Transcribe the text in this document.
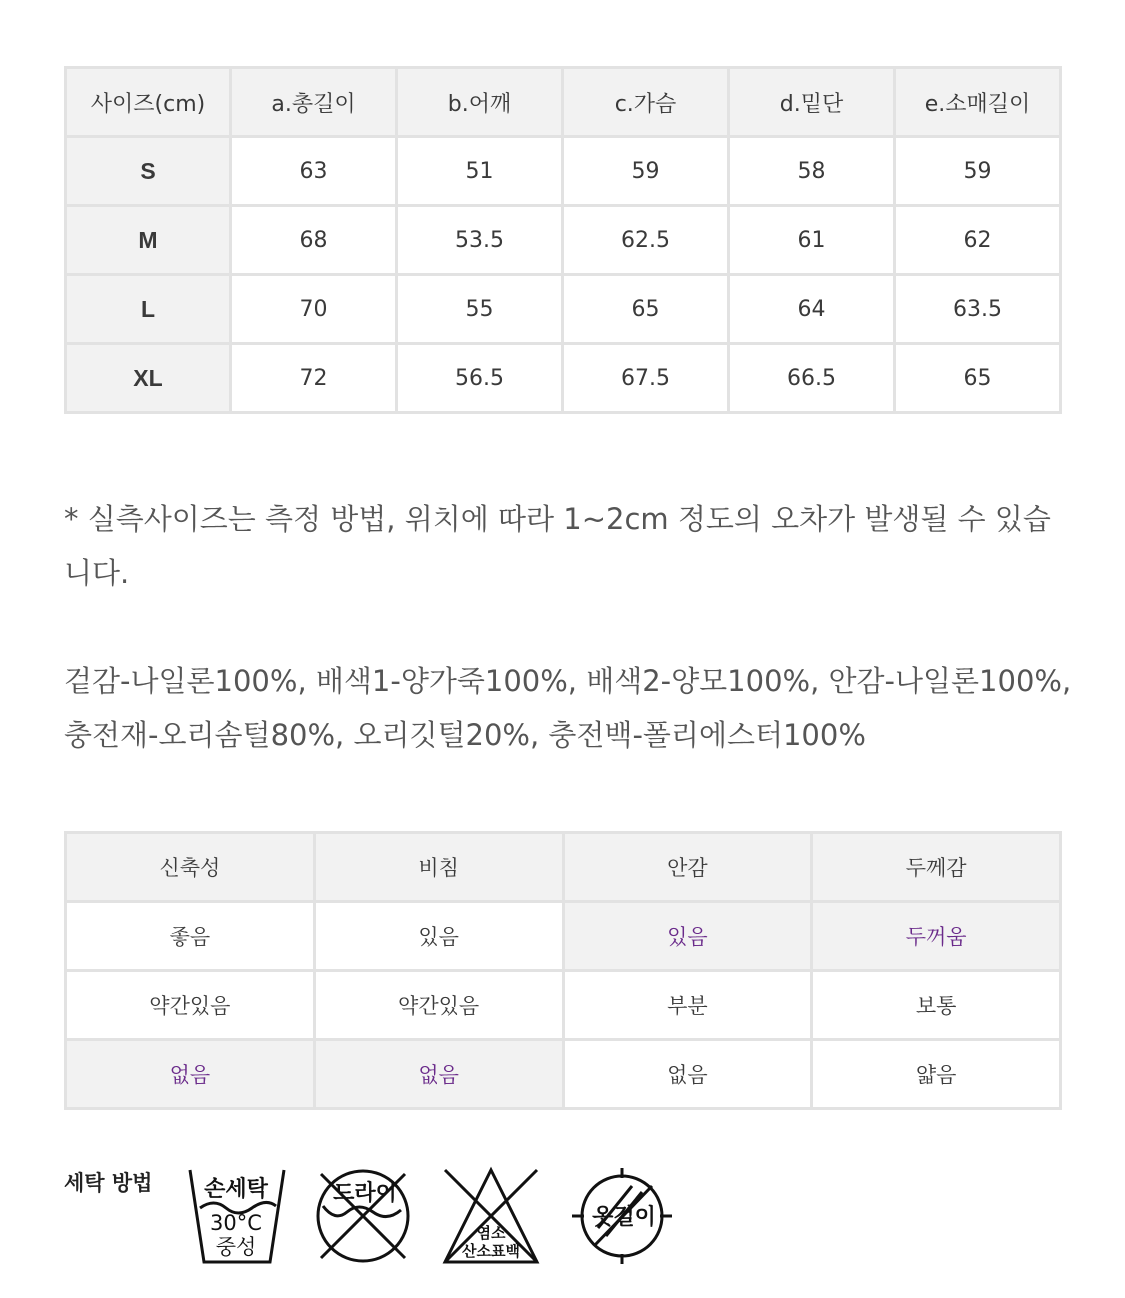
사이즈(cm)	a.총길이	b.어깨	c.가슴	d.밑단	e.소매길이
S	63	51	59	58	59
M	68	53.5	62.5	61	62
L	70	55	65	64	63.5
XL	72	56.5	67.5	66.5	65

* 실측사이즈는 측정 방법, 위치에 따라 1~2cm 정도의 오차가 발생될 수 있습니다.

겉감-나일론100%, 배색1-양가죽100%, 배색2-양모100%, 안감-나일론100%, 충전재-오리솜털80%, 오리깃털20%, 충전백-폴리에스터100%

신축성	비침	안감	두께감
좋음	있음	있음	두꺼움
약간있음	약간있음	부분	보통
없음	없음	없음	얇음
세탁 방법 손세탁
30°C
중성
드라이
염소
산소표백
옷걸이
